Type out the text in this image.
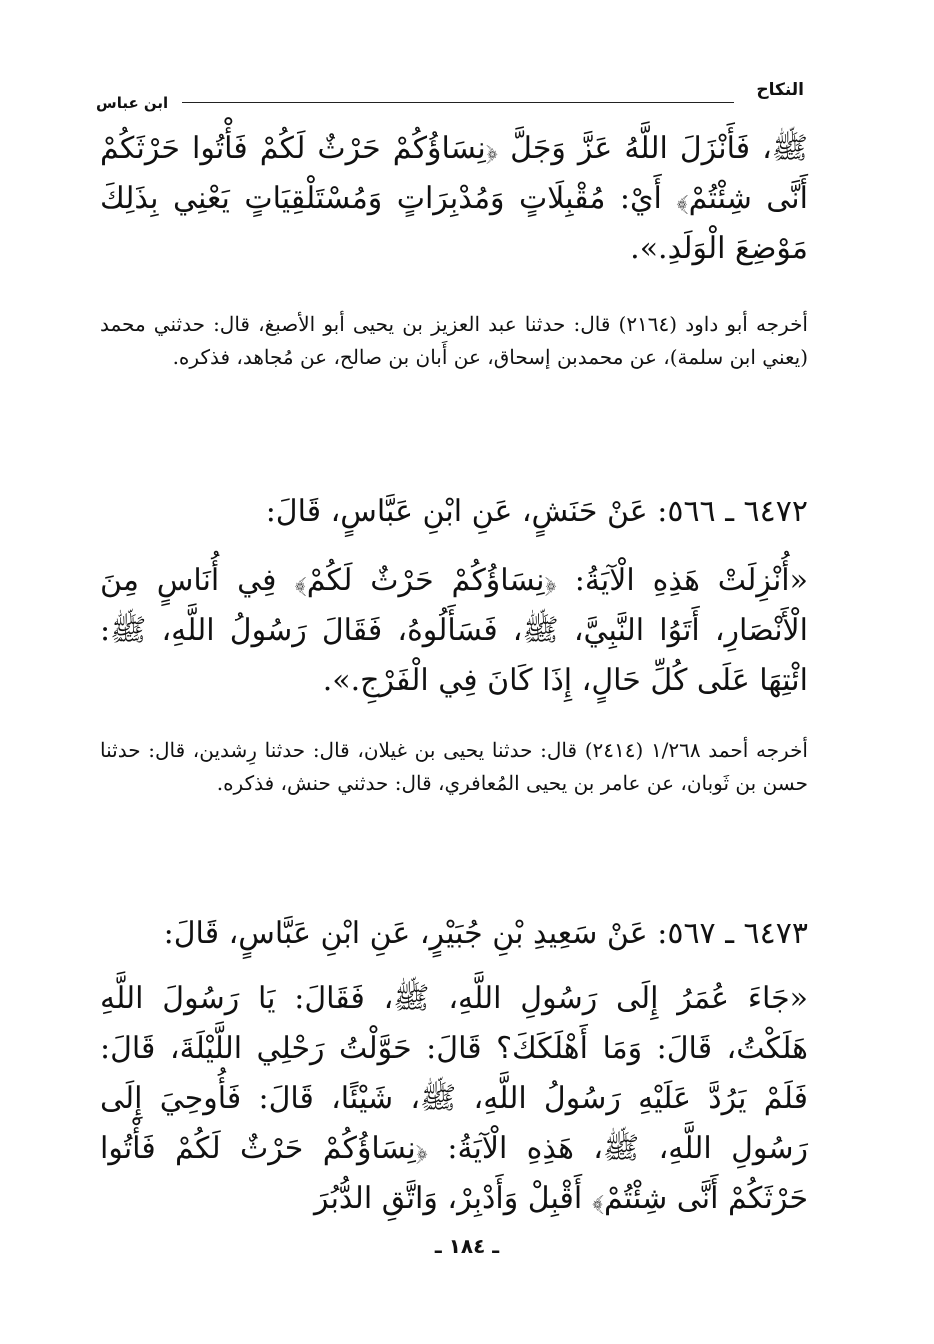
النكاح
ابن عباس
ﷺ، فَأَنْزَلَ اللَّهُ عَزَّ وَجَلَّ ﴿نِسَاؤُكُمْ حَرْثٌ لَكُمْ فَأْتُوا حَرْثَكُمْ أَنَّى شِئْتُمْ﴾ أَيْ: مُقْبِلَاتٍ وَمُدْبِرَاتٍ وَمُسْتَلْقِيَاتٍ يَعْنِي بِذَلِكَ مَوْضِعَ الْوَلَدِ.».
أخرجه أبو داود (٢١٦٤) قال: حدثنا عبد العزيز بن يحيى أبو الأصبغ، قال: حدثني محمد (يعني ابن سلمة)، عن محمدبن إسحاق، عن أَبان بن صالح، عن مُجاهد، فذكره.
٦٤٧٢ ـ ٥٦٦: عَنْ حَنَشٍ، عَنِ ابْنِ عَبَّاسٍ، قَالَ:
«أُنْزِلَتْ هَذِهِ الْآيَةُ: ﴿نِسَاؤُكُمْ حَرْثٌ لَكُمْ﴾ فِي أُنَاسٍ مِنَ الْأَنْصَارِ، أَتَوُا النَّبِيَّ، ﷺ، فَسَأَلُوهُ، فَقَالَ رَسُولُ اللَّهِ، ﷺ: ائْتِهَا عَلَى كُلِّ حَالٍ، إِذَا كَانَ فِي الْفَرْجِ.».
أخرجه أحمد ١/٢٦٨ (٢٤١٤) قال: حدثنا يحيى بن غيلان، قال: حدثنا رِشدين، قال: حدثنا حسن بن ثَوبان، عن عامر بن يحيى المُعافري، قال: حدثني حنش، فذكره.
٦٤٧٣ ـ ٥٦٧: عَنْ سَعِيدِ بْنِ جُبَيْرٍ، عَنِ ابْنِ عَبَّاسٍ، قَالَ:
«جَاءَ عُمَرُ إِلَى رَسُولِ اللَّهِ، ﷺ، فَقَالَ: يَا رَسُولَ اللَّهِ هَلَكْتُ، قَالَ: وَمَا أَهْلَكَكَ؟ قَالَ: حَوَّلْتُ رَحْلِي اللَّيْلَةَ، قَالَ: فَلَمْ يَرُدَّ عَلَيْهِ رَسُولُ اللَّهِ، ﷺ، شَيْئًا، قَالَ: فَأُوحِيَ إِلَى رَسُولِ اللَّهِ، ﷺ، هَذِهِ الْآيَةُ: ﴿نِسَاؤُكُمْ حَرْثٌ لَكُمْ فَأْتُوا حَرْثَكُمْ أَنَّى شِئْتُمْ﴾ أَقْبِلْ وَأَدْبِرْ، وَاتَّقِ الدُّبُرَ
ـ ١٨٤ ـ
